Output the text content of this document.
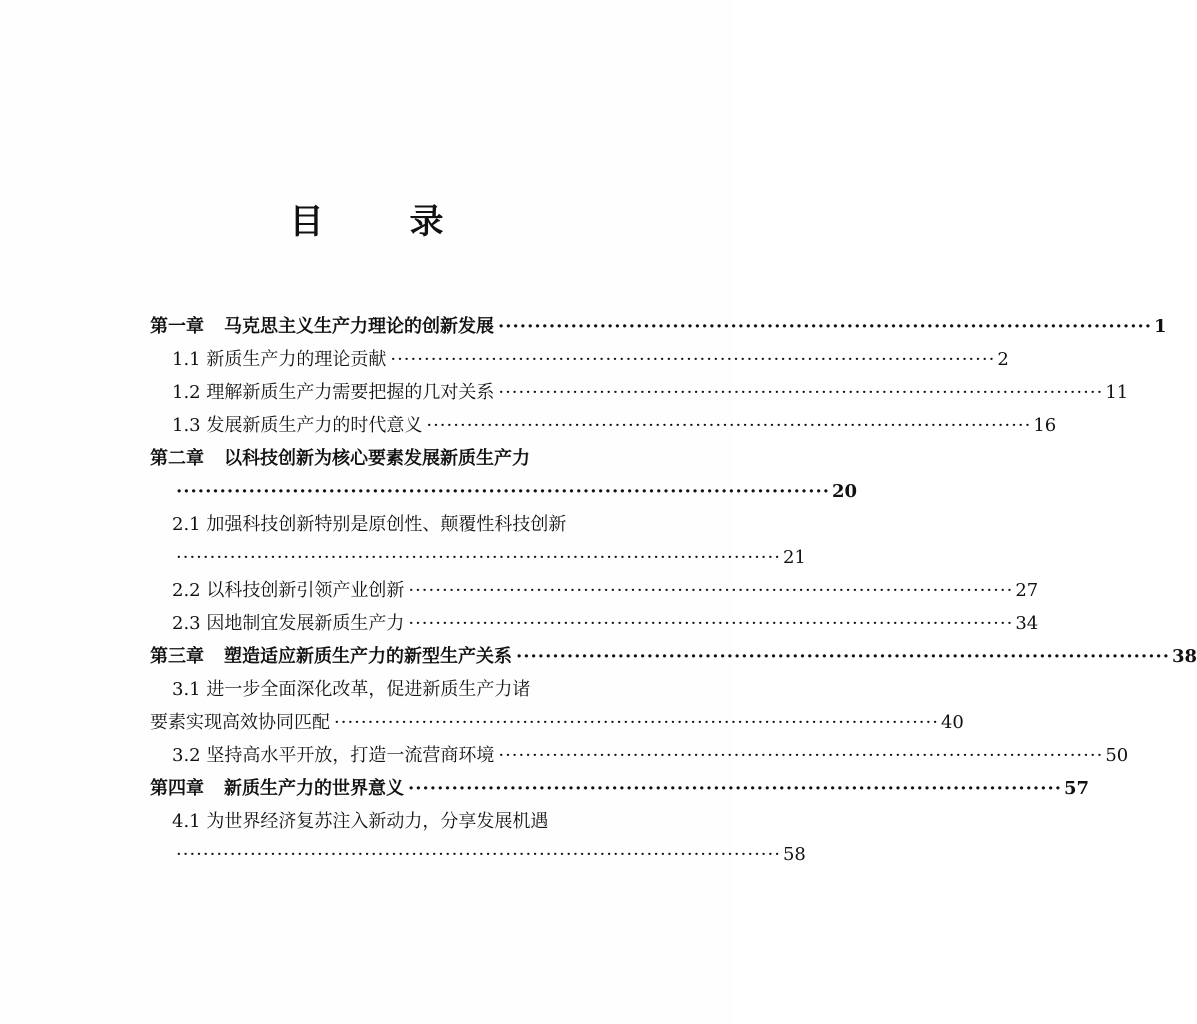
目　录
第一章 马克思主义生产力理论的创新发展 ·························································································· 1
1.1 新质生产力的理论贡献 ·························································································· 2
1.2 理解新质生产力需要把握的几对关系 ·························································································· 11
1.3 发展新质生产力的时代意义 ·························································································· 16
第二章 以科技创新为核心要素发展新质生产力
·························································································· 20
2.1 加强科技创新特别是原创性、颠覆性科技创新
·························································································· 21
2.2 以科技创新引领产业创新 ·························································································· 27
2.3 因地制宜发展新质生产力 ·························································································· 34
第三章 塑造适应新质生产力的新型生产关系 ·························································································· 38
3.1 进一步全面深化改革，促进新质生产力诸
要素实现高效协同匹配 ·························································································· 40
3.2 坚持高水平开放，打造一流营商环境 ·························································································· 50
第四章 新质生产力的世界意义 ·························································································· 57
4.1 为世界经济复苏注入新动力，分享发展机遇
·························································································· 58
